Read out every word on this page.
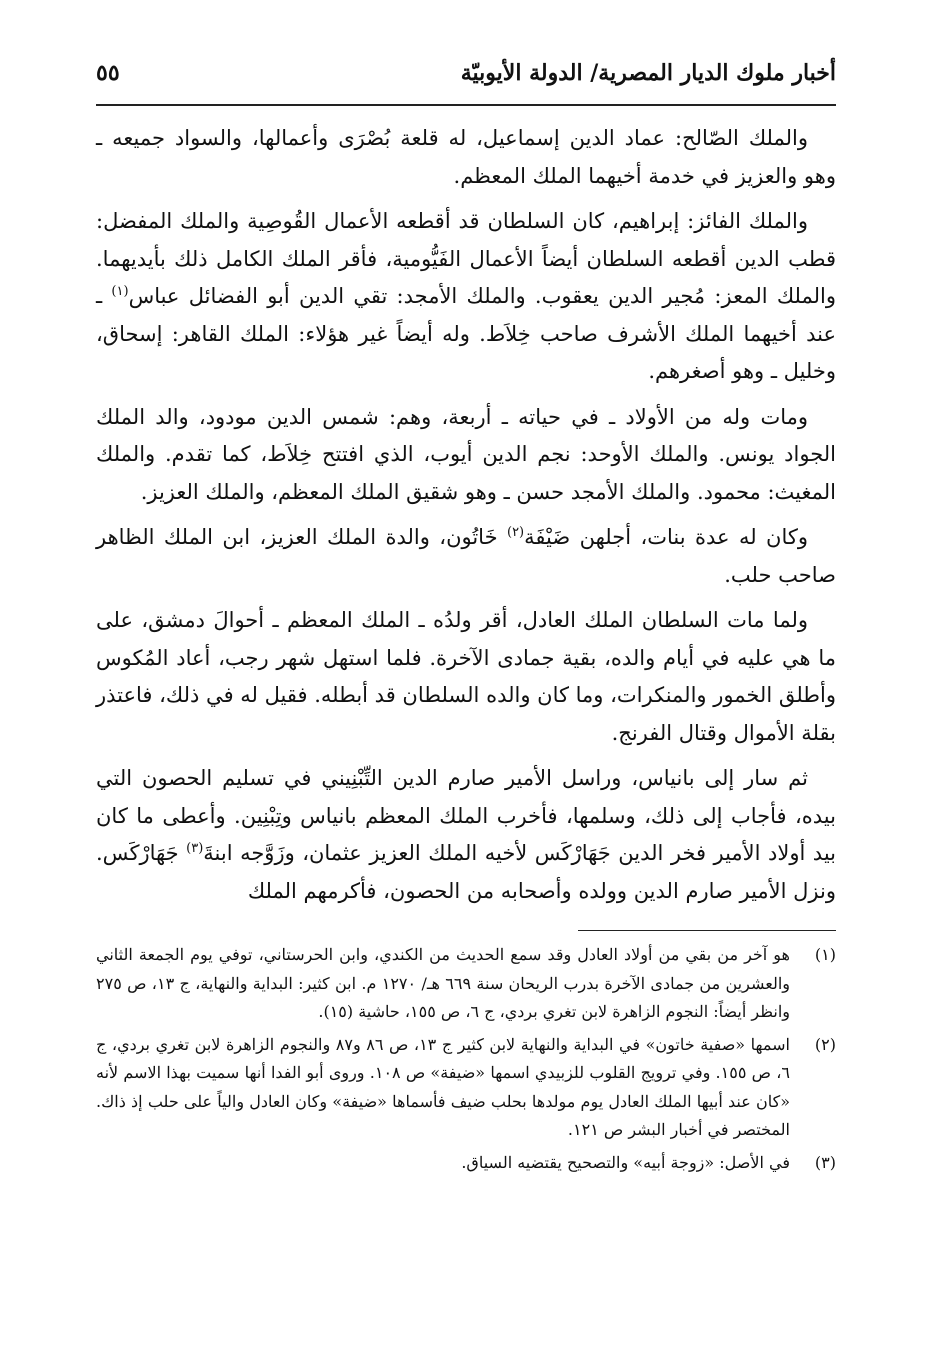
أخبار ملوك الديار المصرية/ الدولة الأيوبيّة
٥٥

والملك الصّالح: عماد الدين إسماعيل، له قلعة بُصْرَى وأعمالها، والسواد جميعه ـ وهو والعزيز في خدمة أخيهما الملك المعظم.

والملك الفائز: إبراهيم، كان السلطان قد أقطعه الأعمال القُوصِية والملك المفضل: قطب الدين أقطعه السلطان أيضاً الأعمال الفَيُّومية، فأقر الملك الكامل ذلك بأيديهما. والملك المعز: مُجير الدين يعقوب. والملك الأمجد: تقي الدين أبو الفضائل عباس$^{(١)}$ ـ عند أخيهما الملك الأشرف صاحب خِلاَط. وله أيضاً غير هؤلاء: الملك القاهر: إسحاق، وخليل ـ وهو أصغرهم.

ومات وله من الأولاد ـ في حياته ـ أربعة، وهم: شمس الدين مودود، والد الملك الجواد يونس. والملك الأوحد: نجم الدين أيوب، الذي افتتح خِلاَط، كما تقدم. والملك المغيث: محمود. والملك الأمجد حسن ـ وهو شقيق الملك المعظم، والملك العزيز.

وكان له عدة بنات، أجلهن ضَيْفَة$^{(٢)}$ خَاتُون، والدة الملك العزيز، ابن الملك الظاهر صاحب حلب.

ولما مات السلطان الملك العادل، أقر ولدُه ـ الملك المعظم ـ أحوالَ دمشق، على ما هي عليه في أيام والده، بقية جمادى الآخرة. فلما استهل شهر رجب، أعاد المُكوس وأطلق الخمور والمنكرات، وما كان والده السلطان قد أبطله. فقيل له في ذلك، فاعتذر بقلة الأموال وقتال الفرنج.

ثم سار إلى بانياس، وراسل الأمير صارم الدين التِّبْنِيني في تسليم الحصون التي بيده، فأجاب إلى ذلك، وسلمها، فأخرب الملك المعظم بانياس وتِبْنِين. وأعطى ما كان بيد أولاد الأمير فخر الدين جَهَارْكَس لأخيه الملك العزيز عثمان، وزَوَّجه ابنةَ$^{(٣)}$ جَهَارْكَس. ونزل الأمير صارم الدين وولده وأصحابه من الحصون، فأكرمهم الملك

(١)
هو آخر من بقي من أولاد العادل وقد سمع الحديث من الكندي، وابن الحرستاني، توفي يوم الجمعة الثاني والعشرين من جمادى الآخرة بدرب الريحان سنة ٦٦٩ هـ/ ١٢٧٠ م. ابن كثير: البداية والنهاية، ج ١٣، ص ٢٧٥ وانظر أيضاً: النجوم الزاهرة لابن تغري بردي، ج ٦، ص ١٥٥، حاشية (١٥).
(٢)
اسمها «صفية خاتون» في البداية والنهاية لابن كثير ج ١٣، ص ٨٦ و٨٧ والنجوم الزاهرة لابن تغري بردي، ج ٦، ص ١٥٥. وفي ترويج القلوب للزبيدي اسمها «ضيفة» ص ١٠٨. وروى أبو الفدا أنها سميت بهذا الاسم لأنه «كان عند أبيها الملك العادل يوم مولدها بحلب ضيف فأسماها «ضيفة» وكان العادل والياً على حلب إذ ذاك. المختصر في أخبار البشر ص ١٢١.
(٣)
في الأصل: «زوجة أبيه» والتصحيح يقتضيه السياق.
